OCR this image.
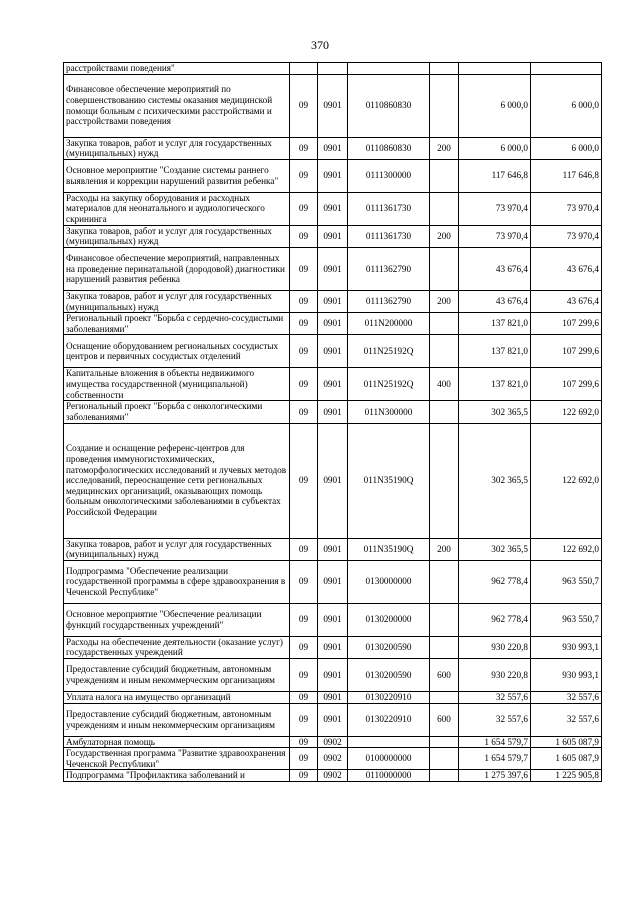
370
расстройствами поведения"						
Финансовое обеспечение мероприятий по совершенствованию системы оказания медицинской помощи больным с психическими расстройствами и расстройствами поведения	09	0901	0110860830		6 000,0	6 000,0
Закупка товаров, работ и услуг для государственных (муниципальных) нужд	09	0901	0110860830	200	6 000,0	6 000,0
Основное мероприятие "Создание системы раннего выявления и коррекции нарушений развития ребенка"	09	0901	0111300000		117 646,8	117 646,8
Расходы на закупку оборудования и расходных материалов для неонатального и аудиологического скрининга	09	0901	0111361730		73 970,4	73 970,4
Закупка товаров, работ и услуг для государственных (муниципальных) нужд	09	0901	0111361730	200	73 970,4	73 970,4
Финансовое обеспечение мероприятий, направленных на проведение перинатальной (дородовой) диагностики нарушений развития ребенка	09	0901	0111362790		43 676,4	43 676,4
Закупка товаров, работ и услуг для государственных (муниципальных) нужд	09	0901	0111362790	200	43 676,4	43 676,4
Региональный проект "Борьба с сердечно-сосудистыми заболеваниями"	09	0901	011N200000		137 821,0	107 299,6
Оснащение оборудованием региональных сосудистых центров и первичных сосудистых отделений	09	0901	011N25192Q		137 821,0	107 299,6
Капитальные вложения в объекты недвижимого имущества государственной (муниципальной) собственности	09	0901	011N25192Q	400	137 821,0	107 299,6
Региональный проект "Борьба с онкологическими заболеваниями"	09	0901	011N300000		302 365,5	122 692,0
Создание и оснащение референс-центров для проведения иммуногистохимических, патоморфологических исследований и лучевых методов исследований, переоснащение сети региональных медицинских организаций, оказывающих помощь больным онкологическими заболеваниями в субъектах Российской Федерации	09	0901	011N35190Q		302 365,5	122 692,0
Закупка товаров, работ и услуг для государственных (муниципальных) нужд	09	0901	011N35190Q	200	302 365,5	122 692,0
Подпрограмма "Обеспечение реализации государственной программы в сфере здравоохранения в Чеченской Республике"	09	0901	0130000000		962 778,4	963 550,7
Основное мероприятие "Обеспечение реализации функций государственных учреждений"	09	0901	0130200000		962 778,4	963 550,7
Расходы на обеспечение деятельности (оказание услуг) государственных учреждений	09	0901	0130200590		930 220,8	930 993,1
Предоставление субсидий бюджетным, автономным учреждениям и иным некоммерческим организациям	09	0901	0130200590	600	930 220,8	930 993,1
Уплата налога на имущество организаций	09	0901	0130220910		32 557,6	32 557,6
Предоставление субсидий бюджетным, автономным учреждениям и иным некоммерческим организациям	09	0901	0130220910	600	32 557,6	32 557,6
Амбулаторная помощь	09	0902			1 654 579,7	1 605 087,9
Государственная программа "Развитие здравоохранения Чеченской Республики"	09	0902	0100000000		1 654 579,7	1 605 087,9
Подпрограмма "Профилактика заболеваний и	09	0902	0110000000		1 275 397,6	1 225 905,8
